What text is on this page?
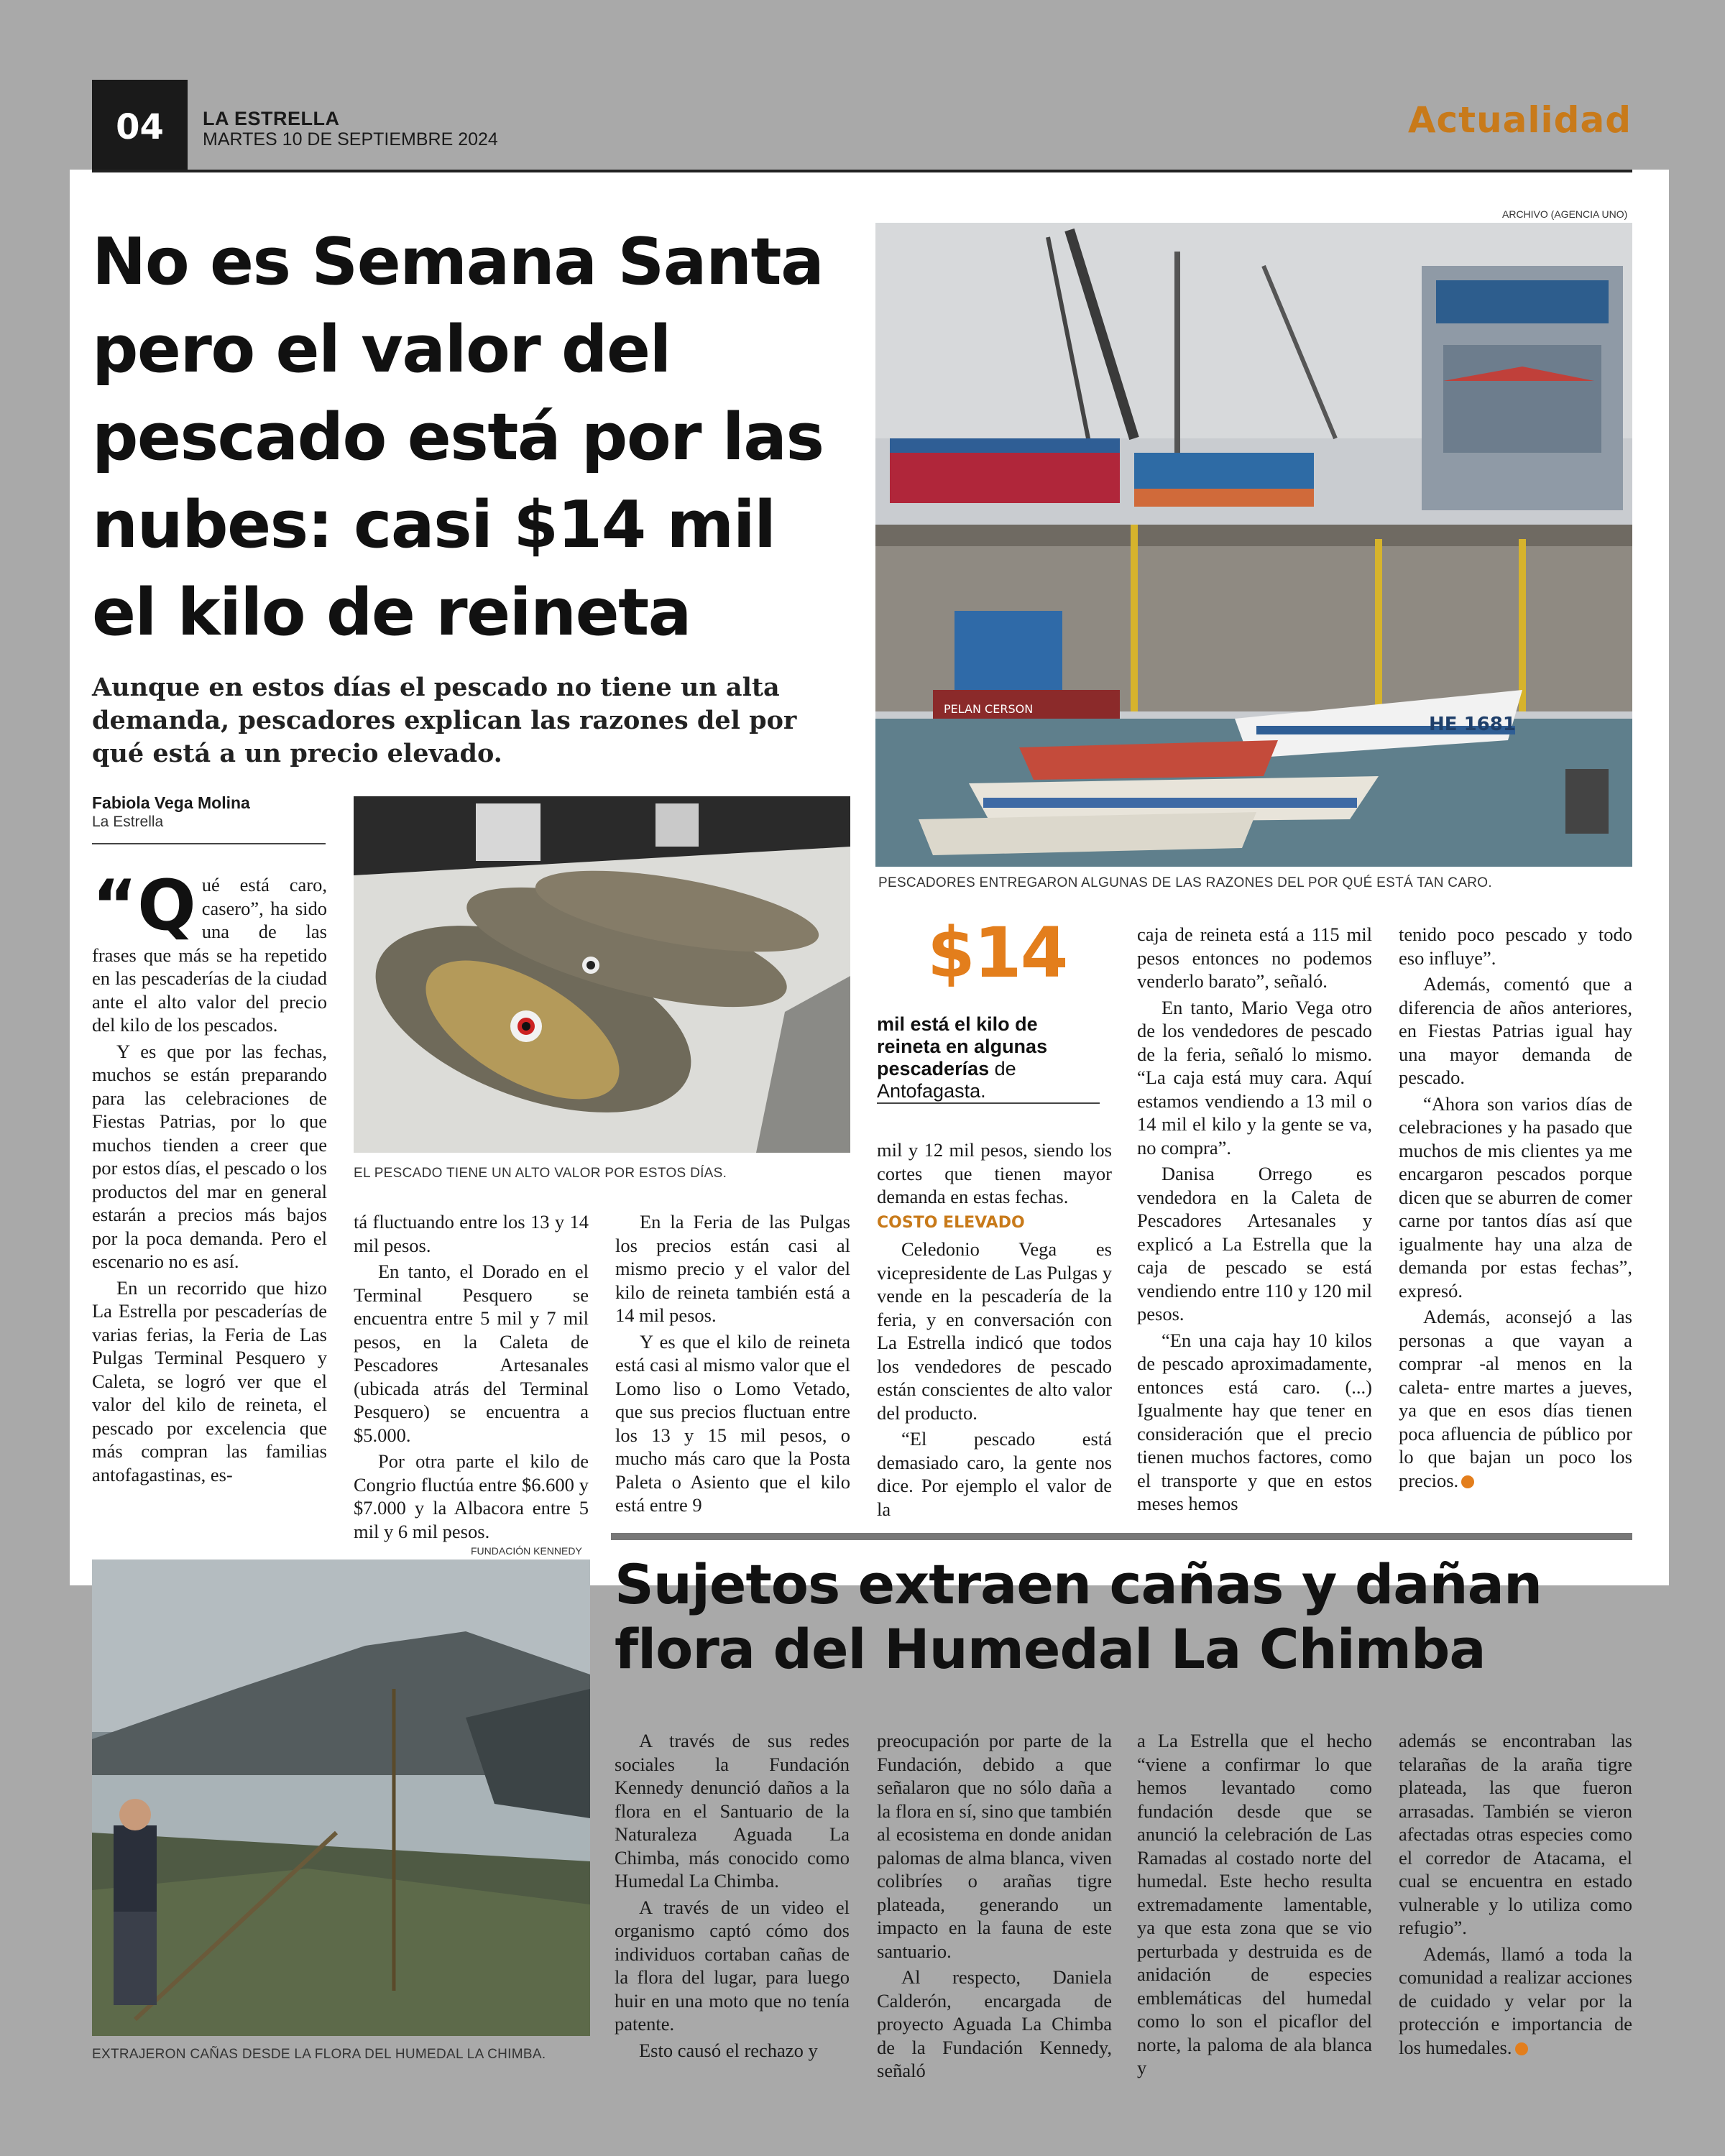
04	LA ESTRELLA
MARTES 10 DE SEPTIEMBRE 2024	Actualidad
No es Semana Santa
pero el valor del
pescado está por las
nubes: casi $14 mil
el kilo de reineta
Aunque en estos días el pescado no tiene un alta demanda, pescadores explican las razones del por qué está a un precio elevado.
Fabiola Vega Molina
La Estrella
ARCHIVO (AGENCIA UNO)
PELAN CERSON
HE 1681
PESCADORES ENTREGARON ALGUNAS DE LAS RAZONES DEL POR QUÉ ESTÁ TAN CARO.
EL PESCADO TIENE UN ALTO VALOR POR ESTOS DÍAS.
$14
mil está el kilo de reineta en algunas pescaderías de Antofagasta.

“Qué está caro, casero”, ha sido una de las frases que más se ha repetido en las pescaderías de la ciudad ante el alto valor del precio del kilo de los pescados.

Y es que por las fechas, muchos se están preparando para las celebraciones de Fiestas Patrias, por lo que muchos tienden a creer que por estos días, el pescado o los productos del mar en general estarán a precios más bajos por la poca demanda. Pero el escenario no es así.

En un recorrido que hizo La Estrella por pescaderías de varias ferias, la Feria de Las Pulgas Terminal Pesquero y Caleta, se logró ver que el valor del kilo de reineta, el pescado por excelencia que más compran las familias antofagastinas, es-

tá fluctuando entre los 13 y 14 mil pesos.

En tanto, el Dorado en el Terminal Pesquero se encuentra entre 5 mil y 7 mil pesos, en la Caleta de Pescadores Artesanales (ubicada atrás del Terminal Pesquero) se encuentra a $5.000.

Por otra parte el kilo de Congrio fluctúa entre $6.600 y $7.000 y la Albacora entre 5 mil y 6 mil pesos.

En la Feria de las Pulgas los precios están casi al mismo precio y el valor del kilo de reineta también está a 14 mil pesos.

Y es que el kilo de reineta está casi al mismo valor que el Lomo liso o Lomo Vetado, que sus precios fluctuan entre los 13 y 15 mil pesos, o mucho más caro que la Posta Paleta o Asiento que el kilo está entre 9

mil y 12 mil pesos, siendo los cortes que tienen mayor demanda en estas fechas.

COSTO ELEVADO

Celedonio Vega es vicepresidente de Las Pulgas y vende en la pescadería de la feria, y en conversación con La Estrella indicó que todos los vendedores de pescado están conscientes de alto valor del producto.

“El pescado está demasiado caro, la gente nos dice. Por ejemplo el valor de la

caja de reineta está a 115 mil pesos entonces no podemos venderlo barato”, señaló.

En tanto, Mario Vega otro de los vendedores de pescado de la feria, señaló lo mismo. “La caja está muy cara. Aquí estamos vendiendo a 13 mil o 14 mil el kilo y la gente se va, no compra”.

Danisa Orrego es vendedora en la Caleta de Pescadores Artesanales y explicó a La Estrella que la caja de pescado se está vendiendo entre 110 y 120 mil pesos.

“En una caja hay 10 kilos de pescado aproximadamente, entonces está caro. (...) Igualmente hay que tener en consideración que el precio tienen muchos factores, como el transporte y que en estos meses hemos

tenido poco pescado y todo eso influye”.

Además, comentó que a diferencia de años anteriores, en Fiestas Patrias igual hay una mayor demanda de pescado.

“Ahora son varios días de celebraciones y ha pasado que muchos de mis clientes ya me encargaron pescados porque dicen que se aburren de comer carne por tantos días así que igualmente hay una alza de demanda por estas fechas”, expresó.

Además, aconsejó a las personas a que vayan a comprar -al menos en la caleta- entre martes a jueves, ya que en esos días tienen poca afluencia de público por lo que bajan un poco los precios.

FUNDACIÓN KENNEDY
EXTRAJERON CAÑAS DESDE LA FLORA DEL HUMEDAL LA CHIMBA.
Sujetos extraen cañas y dañan
flora del Humedal La Chimba

A través de sus redes sociales la Fundación Kennedy denunció daños a la flora en el Santuario de la Naturaleza Aguada La Chimba, más conocido como Humedal La Chimba.

A través de un video el organismo captó cómo dos individuos cortaban cañas de la flora del lugar, para luego huir en una moto que no tenía patente.

Esto causó el rechazo y

preocupación por parte de la Fundación, debido a que señalaron que no sólo daña a la flora en sí, sino que también al ecosistema en donde anidan palomas de alma blanca, viven colibríes o arañas tigre plateada, generando un impacto en la fauna de este santuario.

Al respecto, Daniela Calderón, encargada de proyecto Aguada La Chimba de la Fundación Kennedy, señaló

a La Estrella que el hecho “viene a confirmar lo que hemos levantado como fundación desde que se anunció la celebración de Las Ramadas al costado norte del humedal. Este hecho resulta extremadamente lamentable, ya que esta zona que se vio perturbada y destruida es de anidación de especies emblemáticas del humedal como lo son el picaflor del norte, la paloma de ala blanca y

además se encontraban las telarañas de la araña tigre plateada, las que fueron arrasadas. También se vieron afectadas otras especies como el corredor de Atacama, el cual se encuentra en estado vulnerable y lo utiliza como refugio”.

Además, llamó a toda la comunidad a realizar acciones de cuidado y velar por la protección e importancia de los humedales.
